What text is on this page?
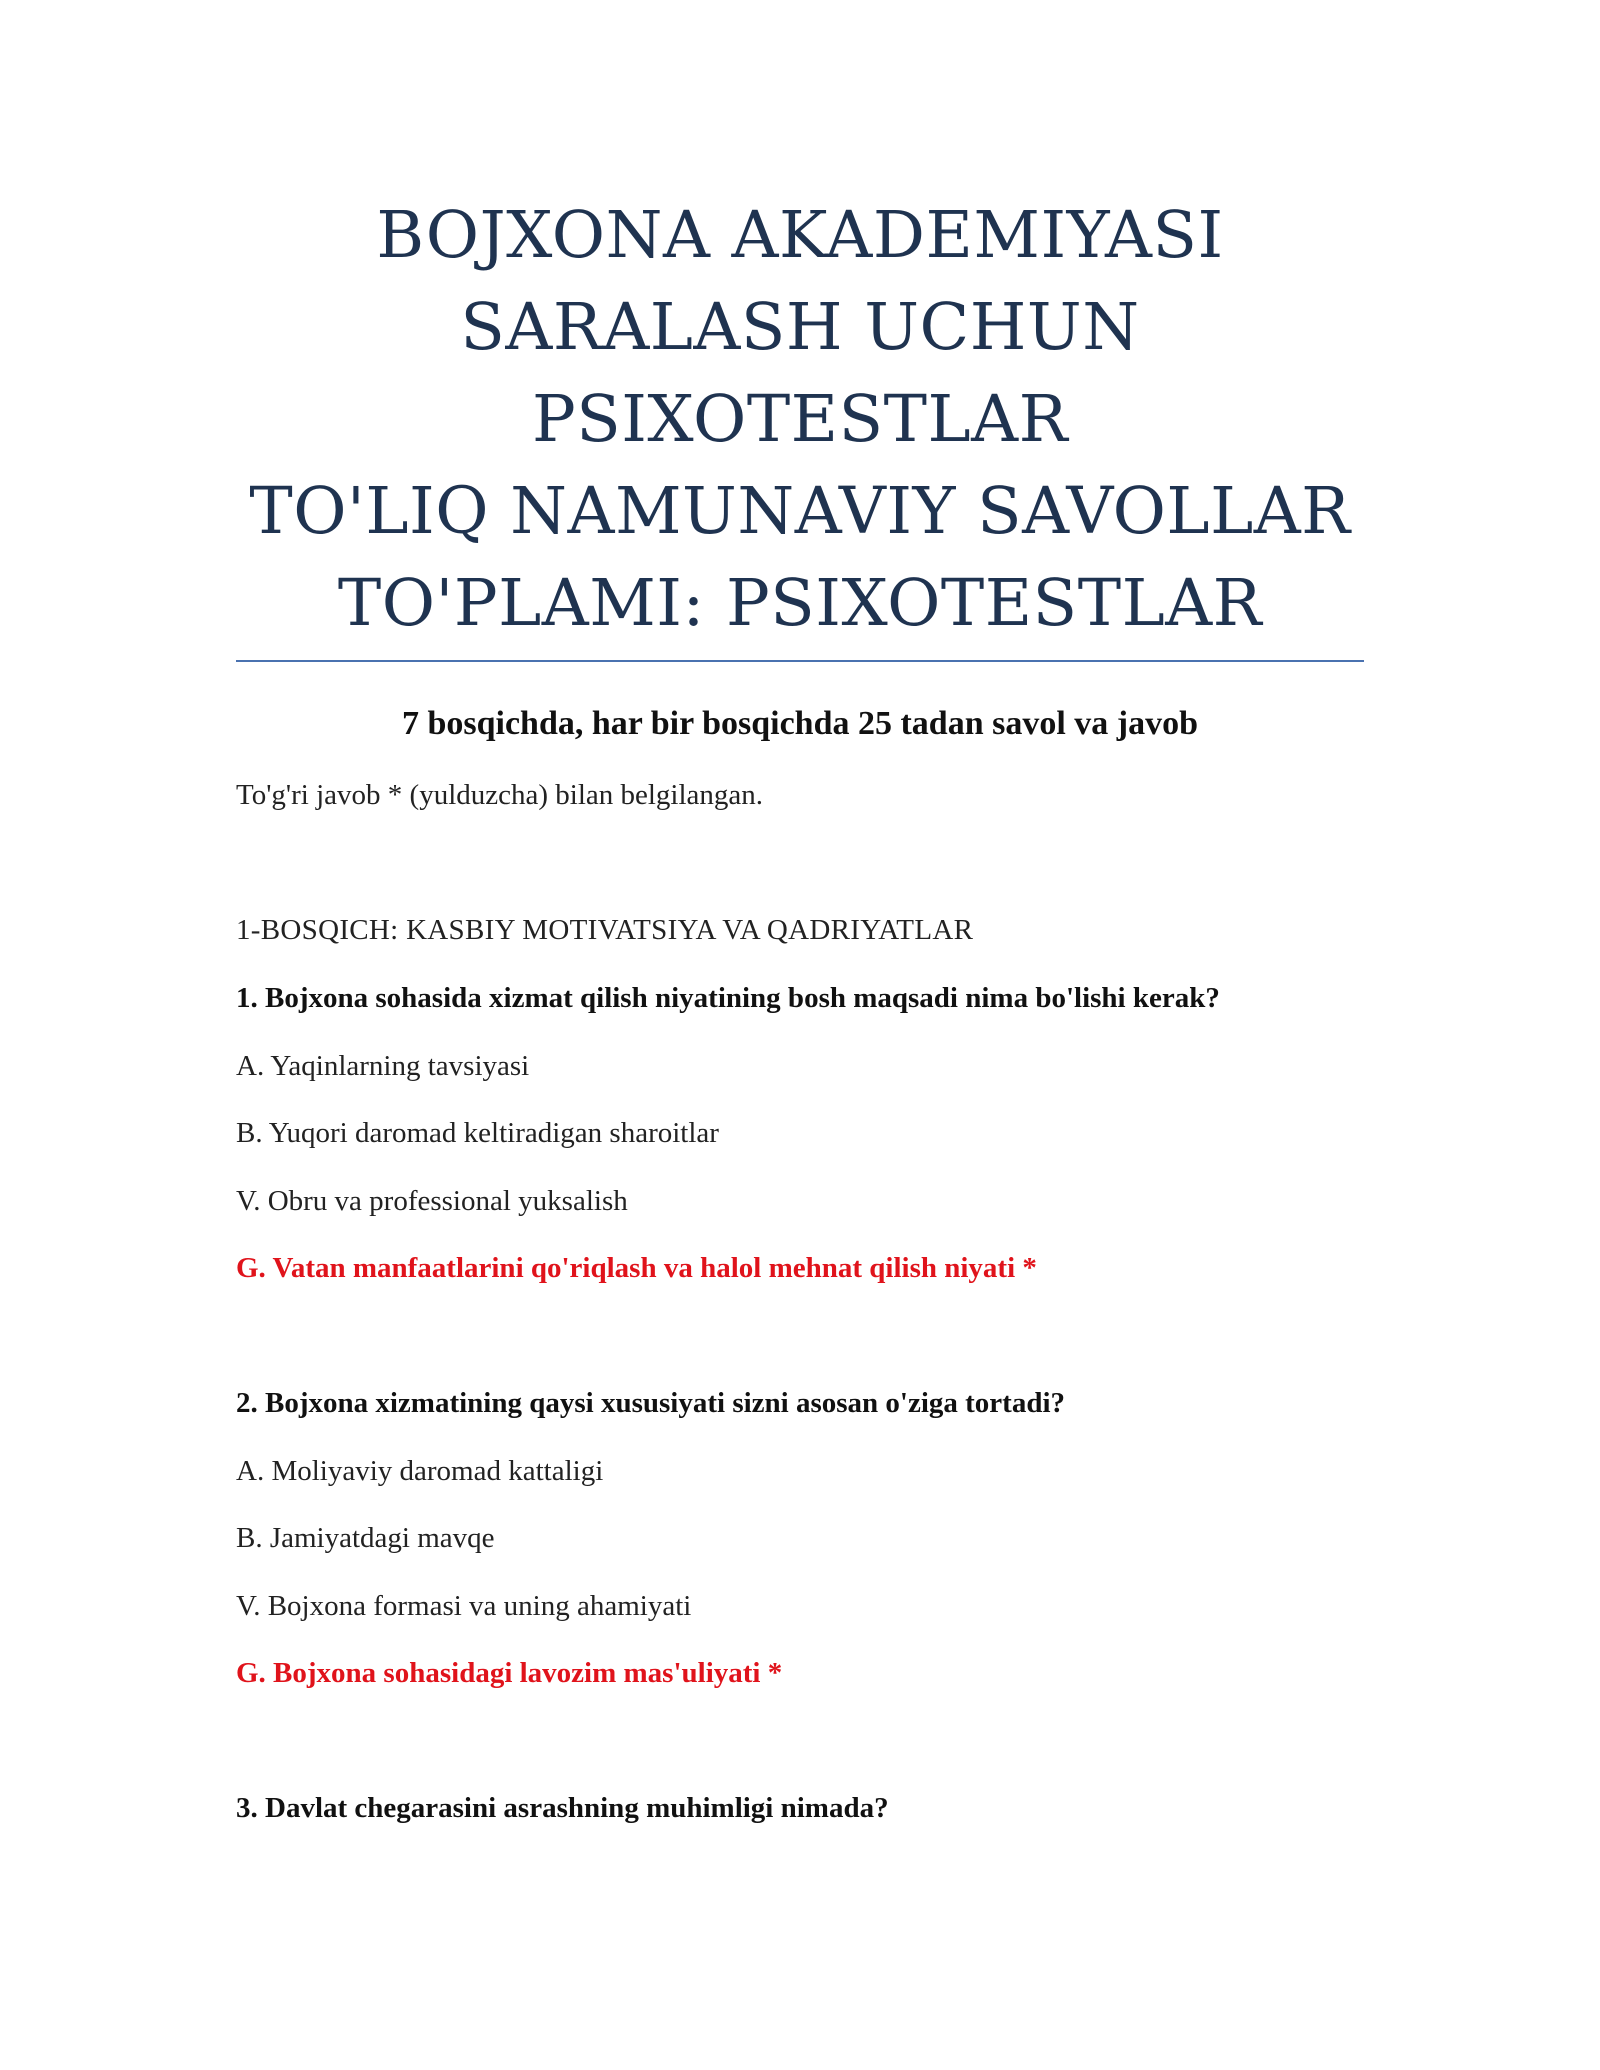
BOJXONA AKADEMIYASI
SARALASH UCHUN
PSIXOTESTLAR
TO'LIQ NAMUNAVIY SAVOLLAR
TO'PLAMI: PSIXOTESTLAR
7 bosqichda, har bir bosqichda 25 tadan savol va javob
To'g'ri javob * (yulduzcha) bilan belgilangan.
1-BOSQICH: KASBIY MOTIVATSIYA VA QADRIYATLAR
1. Bojxona sohasida xizmat qilish niyatining bosh maqsadi nima bo'lishi kerak?
A. Yaqinlarning tavsiyasi
B. Yuqori daromad keltiradigan sharoitlar
V. Obru va professional yuksalish
G. Vatan manfaatlarini qo'riqlash va halol mehnat qilish niyati *
2. Bojxona xizmatining qaysi xususiyati sizni asosan o'ziga tortadi?
A. Moliyaviy daromad kattaligi
B. Jamiyatdagi mavqe
V. Bojxona formasi va uning ahamiyati
G. Bojxona sohasidagi lavozim mas'uliyati *
3. Davlat chegarasini asrashning muhimligi nimada?
